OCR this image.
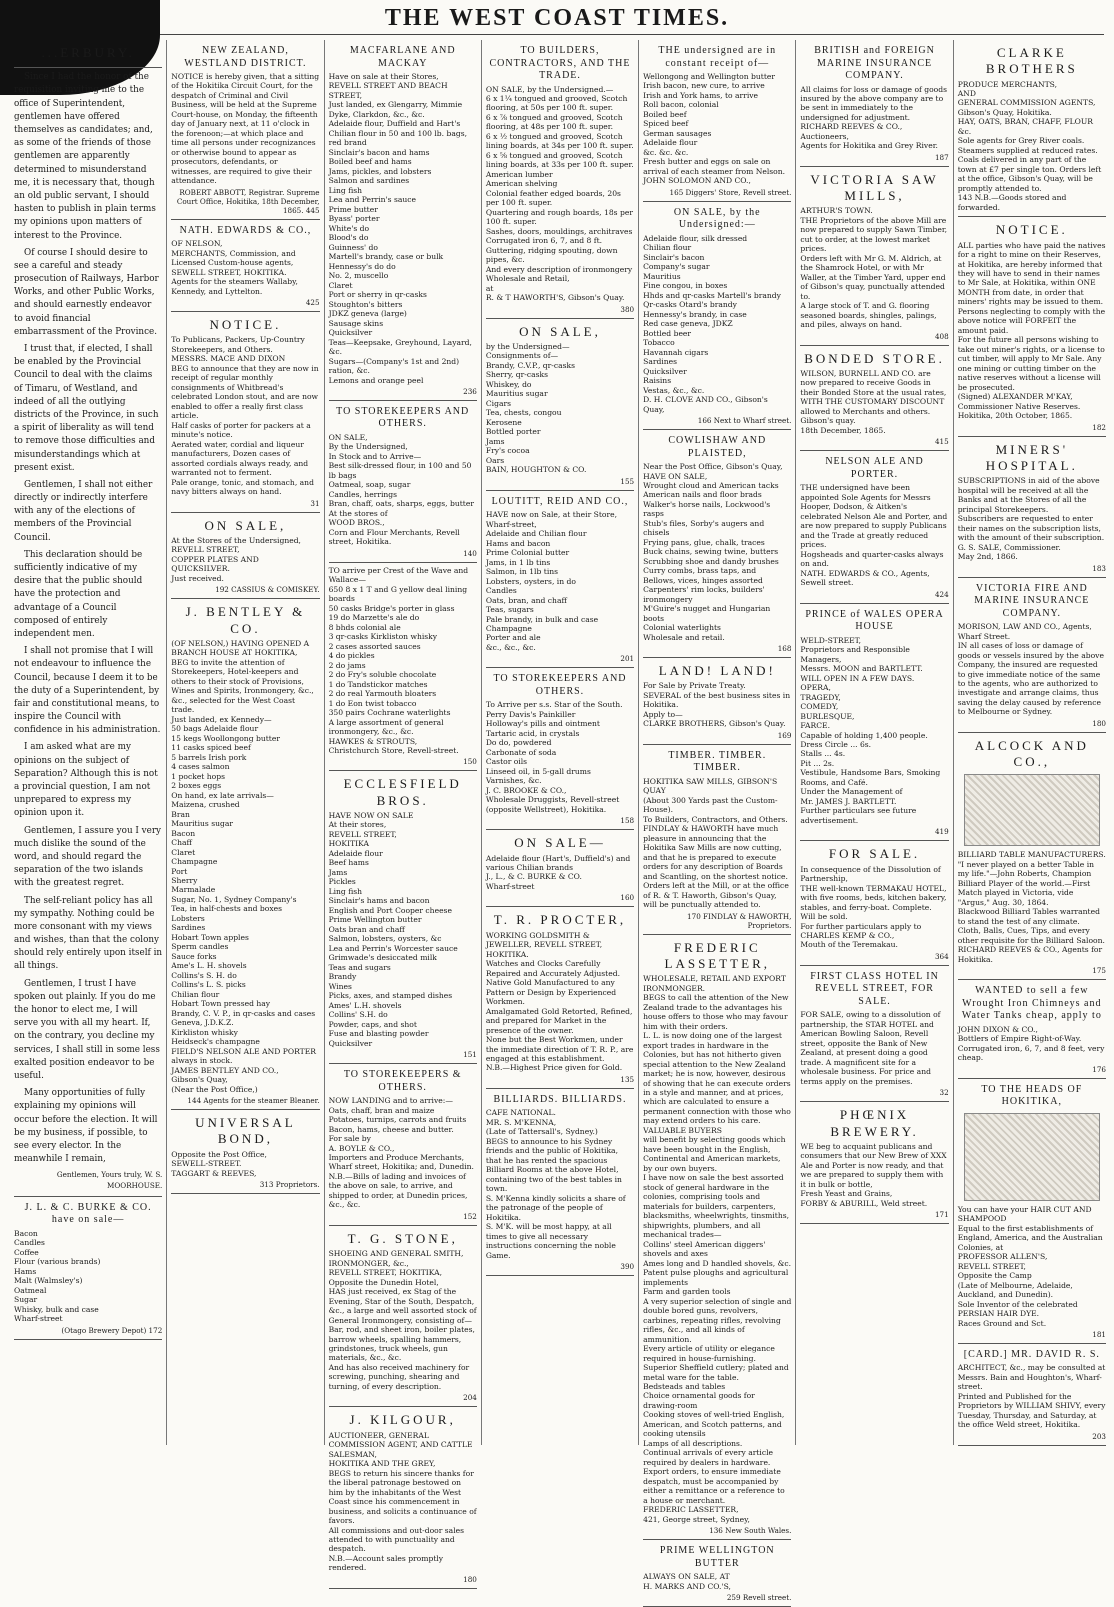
THE WEST COAST TIMES.
...ERBURY.

Since I had the honor of the requisition inviting me to the office of Superintendent, gentlemen have offered themselves as candidates; and, as some of the friends of those gentlemen are apparently determined to misunderstand me, it is necessary that, though an old public servant, I should hasten to publish in plain terms my opinions upon matters of interest to the Province.

Of course I should desire to see a careful and steady prosecution of Railways, Harbor Works, and other Public Works, and should earnestly endeavor to avoid financial embarrassment of the Province.

I trust that, if elected, I shall be enabled by the Provincial Council to deal with the claims of Timaru, of Westland, and indeed of all the outlying districts of the Province, in such a spirit of liberality as will tend to remove those difficulties and misunderstandings which at present exist.

Gentlemen, I shall not either directly or indirectly interfere with any of the elections of members of the Provincial Council.

This declaration should be sufficiently indicative of my desire that the public should have the protection and advantage of a Council composed of entirely independent men.

I shall not promise that I will not endeavour to influence the Council, because I deem it to be the duty of a Superintendent, by fair and constitutional means, to inspire the Council with confidence in his administration.

I am asked what are my opinions on the subject of Separation? Although this is not a provincial question, I am not unprepared to express my opinion upon it.

Gentlemen, I assure you I very much dislike the sound of the word, and should regard the separation of the two islands with the greatest regret.

The self-reliant policy has all my sympathy. Nothing could be more consonant with my views and wishes, than that the colony should rely entirely upon itself in all things.

Gentlemen, I trust I have spoken out plainly. If you do me the honor to elect me, I will serve you with all my heart. If, on the contrary, you decline my services, I shall still in some less exalted position endeavor to be useful.

Many opportunities of fully explaining my opinions will occur before the election. It will be my business, if possible, to see every elector. In the meanwhile I remain,

Gentlemen, Yours truly, W. S. MOORHOUSE.
J. L. & C. BURKE & CO. have on sale—
Bacon
Candles
Coffee
Flour (various brands)
Hams
Malt (Walmsley's)
Oatmeal
Sugar
Whisky, bulk and case
Wharf-street
(Otago Brewery Depot) 172
NEW ZEALAND, WESTLAND DISTRICT.
NOTICE is hereby given, that a sitting of the Hokitika Circuit Court, for the despatch of Criminal and Civil Business, will be held at the Supreme Court-house, on Monday, the fifteenth day of January next, at 11 o'clock in the forenoon;—at which place and time all persons under recognizances or otherwise bound to appear as prosecutors, defendants, or witnesses, are required to give their attendance.
ROBERT ABBOTT, Registrar. Supreme Court Office, Hokitika, 18th December, 1865. 445
NATH. EDWARDS & CO.,
OF NELSON,
MERCHANTS, Commission, and Licensed Custom-house agents,
SEWELL STREET, HOKITIKA.
Agents for the steamers Wallaby, Kennedy, and Lyttelton.
425
NOTICE.
To Publicans, Packers, Up-Country Storekeepers, and Others.
MESSRS. MACE AND DIXON
BEG to announce that they are now in receipt of regular monthly consignments of Whitbread's celebrated London stout, and are now enabled to offer a really first class article.
Half casks of porter for packers at a minute's notice.
Aerated water, cordial and liqueur manufacturers, Dozen cases of assorted cordials always ready, and warranted not to ferment.
Pale orange, tonic, and stomach, and navy bitters always on hand.
31
ON SALE,
At the Stores of the Undersigned,
REVELL STREET,
COPPER PLATES AND QUICKSILVER.
Just received.
192 CASSIUS & COMISKEY.
J. BENTLEY & CO.
(OF NELSON,) HAVING OPENED A
BRANCH HOUSE AT HOKITIKA,
BEG to invite the attention of Storekeepers, Hotel-keepers and others to their stock of Provisions, Wines and Spirits, Ironmongery, &c., &c., selected for the West Coast trade.
Just landed, ex Kennedy—
50 bags Adelaide flour
15 kegs Woollongong butter
11 casks spiced beef
5 barrels Irish pork
4 cases salmon
1 pocket hops
2 boxes eggs
On hand, ex late arrivals—
Maizena, crushed
Bran
Mauritius sugar
Bacon
Chaff
Claret
Champagne
Port
Sherry
Marmalade
Sugar, No. 1, Sydney Company's
Tea, in half-chests and boxes
Lobsters
Sardines
Hobart Town apples
Sperm candles
Sauce forks
Ame's L. H. shovels
Collins's S. H. do
Collins's L. S. picks
Chilian flour
Hobart Town pressed hay
Brandy, C. V. P., in qr-casks and cases
Geneva, J.D.K.Z.
Kirkliston whisky
Heidseck's champagne
FIELD'S NELSON ALE AND PORTER always in stock.
JAMES BENTLEY AND CO.,
Gibson's Quay,
(Near the Post Office,)
144 Agents for the steamer Bleaner.
UNIVERSAL BOND,
Opposite the Post Office,
SEWELL-STREET.
TAGGART & REEVES,
313 Proprietors.
MACFARLANE AND MACKAY
Have on sale at their Stores,
REVELL STREET AND BEACH STREET,
Just landed, ex Glengarry, Mimmie Dyke, Clarkdon, &c., &c.
Adelaide flour, Duffield and Hart's
Chilian flour in 50 and 100 lb. bags, red brand
Sinclair's bacon and hams
Boiled beef and hams
Jams, pickles, and lobsters
Salmon and sardines
Ling fish
Lea and Perrin's sauce
Prime butter
Byass' porter
White's do
Blood's do
Guinness' do
Martell's brandy, case or bulk
Hennessy's do do
No. 2, muscello
Claret
Port or sherry in qr-casks
Stoughton's bitters
JDKZ geneva (large)
Sausage skins
Quicksilver
Teas—Keepsake, Greyhound, Layard, &c.
Sugars—(Company's 1st and 2nd) ration, &c.
Lemons and orange peel
236
TO STOREKEEPERS AND OTHERS.
ON SALE,
By the Undersigned,
In Stock and to Arrive—
Best silk-dressed flour, in 100 and 50 lb bags
Oatmeal, soap, sugar
Candles, herrings
Bran, chaff, oats, sharps, eggs, butter
At the stores of
WOOD BROS.,
Corn and Flour Merchants, Revell street, Hokitika.
140
TO arrive per Crest of the Wave and Wallace—
650 8 x 1 T and G yellow deal lining boards
50 casks Bridge's porter in glass
19 do Marzette's ale do
8 bhds colonial ale
3 qr-casks Kirkliston whisky
2 cases assorted sauces
4 do pickles
2 do jams
2 do Fry's soluble chocolate
1 do Tandstickor matches
2 do real Yarmouth bloaters
1 do Eon twist tobacco
350 pairs Cochrane waterlights
A large assortment of general ironmongery, &c., &c.
HAWKES & STROUTS,
Christchurch Store, Revell-street.
150
ECCLESFIELD BROS.
HAVE NOW ON SALE
At their stores,
REVELL STREET,
HOKITIKA
Adelaide flour
Beef hams
Jams
Pickles
Ling fish
Sinclair's hams and bacon
English and Port Cooper cheese
Prime Wellington butter
Oats bran and chaff
Salmon, lobsters, oysters, &c
Lea and Perrin's Worcester sauce
Grimwade's desiccated milk
Teas and sugars
Brandy
Wines
Picks, axes, and stamped dishes
Ames' L.H. shovels
Collins' S.H. do
Powder, caps, and shot
Fuse and blasting powder
Quicksilver
151
TO STOREKEEPERS & OTHERS.
NOW LANDING and to arrive:—
Oats, chaff, bran and maize
Potatoes, turnips, carrots and fruits
Bacon, hams, cheese and butter.
For sale by
A. BOYLE & CO.,
Importers and Produce Merchants, Wharf street, Hokitika; and, Dunedin.
N.B.—Bills of lading and invoices of the above on sale, to arrive, and shipped to order, at Dunedin prices, &c., &c.
152
T. G. STONE,
SHOEING AND GENERAL SMITH, IRONMONGER, &c.,
REVELL STREET, HOKITIKA,
Opposite the Dunedin Hotel,
HAS just received, ex Stag of the Evening, Star of the South, Despatch, &c., a large and well assorted stock of General Ironmongery, consisting of—
Bar, rod, and sheet iron, boiler plates, barrow wheels, spalling hammers, grindstones, truck wheels, gun materials, &c., &c.
And has also received machinery for screwing, punching, shearing and turning, of every description.
204
J. KILGOUR,
AUCTIONEER, GENERAL COMMISSION AGENT, AND CATTLE SALESMAN,
HOKITIKA AND THE GREY,
BEGS to return his sincere thanks for the liberal patronage bestowed on him by the inhabitants of the West Coast since his commencement in business, and solicits a continuance of favors.
All commissions and out-door sales attended to with punctuality and despatch.
N.B.—Account sales promptly rendered.
180
TO BUILDERS, CONTRACTORS, AND THE TRADE.
ON SALE, by the Undersigned.—
6 x 1¼ tongued and grooved, Scotch flooring, at 50s per 100 ft. super.
6 x ⅞ tongued and grooved, Scotch flooring, at 48s per 100 ft. super.
6 x ½ tongued and grooved, Scotch lining boards, at 34s per 100 ft. super.
6 x ⅝ tongued and grooved, Scotch lining boards, at 33s per 100 ft. super.
American lumber
American shelving
Colonial feather edged boards, 20s per 100 ft. super.
Quartering and rough boards, 18s per 100 ft. super.
Sashes, doors, mouldings, architraves
Corrugated iron 6, 7, and 8 ft.
Guttering, ridging spouting, down pipes, &c.
And every description of ironmongery
Wholesale and Retail,
at
R. & T HAWORTH'S, Gibson's Quay.
380
ON SALE,
by the Undersigned—
Consignments of—
Brandy, C.V.P., qr-casks
Sherry, qr-casks
Whiskey, do
Mauritius sugar
Cigars
Tea, chests, congou
Kerosene
Bottled porter
Jams
Fry's cocoa
Oars
BAIN, HOUGHTON & CO.
155
LOUTITT, REID AND CO.,
HAVE now on Sale, at their Store, Wharf-street,
Adelaide and Chilian flour
Hams and bacon
Prime Colonial butter
Jams, in 1 lb tins
Salmon, in 1lb tins
Lobsters, oysters, in do
Candles
Oats, bran, and chaff
Teas, sugars
Pale brandy, in bulk and case
Champagne
Porter and ale
&c., &c., &c.
201
TO STOREKEEPERS AND OTHERS.
To Arrive per s.s. Star of the South.
Perry Davis's Painkiller
Holloway's pills and ointment
Tartaric acid, in crystals
Do do, powdered
Carbonate of soda
Castor oils
Linseed oil, in 5-gall drums
Varnishes, &c.
J. C. BROOKE & CO.,
Wholesale Druggists, Revell-street (opposite Wellstreet), Hokitika.
158
ON SALE—
Adelaide flour (Hart's, Duffield's) and various Chilian brands
J., L., & C. BURKE & CO.
Wharf-street
160
T. R. PROCTER,
WORKING GOLDSMITH & JEWELLER, REVELL STREET, HOKITIKA.
Watches and Clocks Carefully Repaired and Accurately Adjusted.
Native Gold Manufactured to any Pattern or Design by Experienced Workmen.
Amalgamated Gold Retorted, Refined, and prepared for Market in the presence of the owner.
None but the Best Workmen, under the immediate direction of T. R. P., are engaged at this establishment.
N.B.—Highest Price given for Gold.
135
BILLIARDS. BILLIARDS.
CAFE NATIONAL.
MR. S. M'KENNA,
(Late of Tattersall's, Sydney.)
BEGS to announce to his Sydney friends and the public of Hokitika, that he has rented the spacious Billiard Rooms at the above Hotel, containing two of the best tables in town.
S. M'Kenna kindly solicits a share of the patronage of the people of Hokitika.
S. M'K. will be most happy, at all times to give all necessary instructions concerning the noble Game.
390
THE undersigned are in constant receipt of—
Wellongong and Wellington butter
Irish bacon, new cure, to arrive
Irish and York hams, to arrive
Roll bacon, colonial
Boiled beef
Spiced beef
German sausages
Adelaide flour
&c. &c. &c.
Fresh butter and eggs on sale on arrival of each steamer from Nelson.
JOHN SOLOMON AND CO.,
165 Diggers' Store, Revell street.
ON SALE, by the Undersigned:—
Adelaide flour, silk dressed
Chilian flour
Sinclair's bacon
Company's sugar
Mauritius
Fine congou, in boxes
Hhds and qr-casks Martell's brandy
Qr-casks Otard's brandy
Hennessy's brandy, in case
Red case geneva, JDKZ
Bottled beer
Tobacco
Havannah cigars
Sardines
Quicksilver
Raisins
Vestas, &c., &c.
D. H. CLOVE AND CO., Gibson's Quay,
166 Next to Wharf street.
COWLISHAW AND PLAISTED,
Near the Post Office, Gibson's Quay,
HAVE ON SALE,
Wrought cloud and American tacks
American nails and floor brads
Walker's horse nails, Lockwood's rasps
Stub's files, Sorby's augers and chisels
Frying pans, glue, chalk, traces
Buck chains, sewing twine, butters
Scrubbing shoe and dandy brushes
Curry combs, brass taps, and
Bellows, vices, hinges assorted
Carpenters' rim locks, builders' ironmongery
M'Guire's nugget and Hungarian boots
Colonial waterlights
Wholesale and retail.
168
LAND! LAND!
For Sale by Private Treaty.
SEVERAL of the best business sites in Hokitika.
Apply to—
CLARKE BROTHERS, Gibson's Quay.
169
TIMBER. TIMBER. TIMBER.
HOKITIKA SAW MILLS, GIBSON'S QUAY
(About 300 Yards past the Custom-House).
To Builders, Contractors, and Others.
FINDLAY & HAWORTH have much pleasure in announcing that the Hokitika Saw Mills are now cutting, and that he is prepared to execute orders for any description of Boards and Scantling, on the shortest notice.
Orders left at the Mill, or at the office of R. & T. Haworth, Gibson's Quay, will be punctually attended to.
170 FINDLAY & HAWORTH, Proprietors.
FREDERIC LASSETTER,
WHOLESALE, RETAIL AND EXPORT IRONMONGER.
BEGS to call the attention of the New Zealand trade to the advantages his house offers to those who may favour him with their orders.
L. L. is now doing one of the largest export trades in hardware in the Colonies, but has not hitherto given special attention to the New Zealand market; he is now, however, desirous of showing that he can execute orders in a style and manner, and at prices, which are calculated to ensure a permanent connection with those who may extend orders to his care.
VALUABLE BUYERS
will benefit by selecting goods which have been bought in the English, Continental and American markets, by our own buyers.
I have now on sale the best assorted stock of general hardware in the colonies, comprising tools and materials for builders, carpenters, blacksmiths, wheelwrights, tinsmiths, shipwrights, plumbers, and all mechanical trades—
Collins' steel American diggers' shovels and axes
Ames long and D handled shovels, &c.
Patent pulse ploughs and agricultural implements
Farm and garden tools
A very superior selection of single and double bored guns, revolvers, carbines, repeating rifles, revolving rifles, &c., and all kinds of ammunition.
Every article of utility or elegance required in house-furnishing.
Superior Sheffield cutlery; plated and metal ware for the table.
Bedsteads and tables
Choice ornamental goods for drawing-room
Cooking stoves of well-tried English, American, and Scotch patterns, and cooking utensils
Lamps of all descriptions.
Continual arrivals of every article required by dealers in hardware.
Export orders, to ensure immediate despatch, must be accompanied by either a remittance or a reference to a house or merchant.
FREDERIC LASSETTER,
421, George street, Sydney,
136 New South Wales.
PRIME WELLINGTON BUTTER
ALWAYS ON SALE, AT
H. MARKS AND CO.'S,
259 Revell street.
BRITISH and FOREIGN MARINE INSURANCE COMPANY.
All claims for loss or damage of goods insured by the above company are to be sent in immediately to the undersigned for adjustment.
RICHARD REEVES & CO., Auctioneers,
Agents for Hokitika and Grey River.
187
VICTORIA SAW MILLS,
ARTHUR'S TOWN.
THE Proprietors of the above Mill are now prepared to supply Sawn Timber, cut to order, at the lowest market prices.
Orders left with Mr G. M. Aldrich, at the Shamrock Hotel, or with Mr Waller, at the Timber Yard, upper end of Gibson's quay, punctually attended to.
A large stock of T. and G. flooring seasoned boards, shingles, palings, and piles, always on hand.
408
BONDED STORE.
WILSON, BURNELL AND CO. are now prepared to receive Goods in their Bonded Store at the usual rates,
WITH THE CUSTOMARY DISCOUNT allowed to Merchants and others.
Gibson's quay.
18th December, 1865.
415
NELSON ALE AND PORTER.
THE undersigned have been appointed Sole Agents for Messrs Hooper, Dodson, & Aitken's celebrated Nelson Ale and Porter, and are now prepared to supply Publicans and the Trade at greatly reduced prices.
Hogsheads and quarter-casks always on and.
NATH. EDWARDS & CO., Agents, Sewell street.
424
PRINCE of WALES OPERA HOUSE
WELD-STREET,
Proprietors and Responsible Managers,
Messrs. MOON and BARTLETT.
WILL OPEN IN A FEW DAYS.
OPERA,
TRAGEDY,
COMEDY,
BURLESQUE,
FARCE.
Capable of holding 1,400 people.
Dress Circle ... 6s.
Stalls ... 4s.
Pit ... 2s.
Vestibule, Handsome Bars, Smoking Rooms, and Café.
Under the Management of
Mr. JAMES J. BARTLETT.
Further particulars see future advertisement.
419
FOR SALE.
In consequence of the Dissolution of Partnership,
THE well-known TERMAKAU HOTEL, with five rooms, beds, kitchen bakery, stables, and ferry-boat. Complete. Will be sold.
For further particulars apply to
CHARLES KEMP & CO.,
Mouth of the Teremakau.
364
FIRST CLASS HOTEL IN REVELL STREET, FOR SALE.
FOR SALE, owing to a dissolution of partnership, the STAR HOTEL and American Bowling Saloon, Revell street, opposite the Bank of New Zealand, at present doing a good trade. A magnificent site for a wholesale business. For price and terms apply on the premises.
32
PHŒNIX BREWERY.
WE beg to acquaint publicans and consumers that our New Brew of XXX Ale and Porter is now ready, and that we are prepared to supply them with it in bulk or bottle,
Fresh Yeast and Grains,
FORBY & ABURILL, Weld street.
171
CLARKE BROTHERS
PRODUCE MERCHANTS,
AND
GENERAL COMMISSION AGENTS,
Gibson's Quay, Hokitika.
HAY, OATS, BRAN, CHAFF, FLOUR &c.
Sole agents for Grey River coals.
Steamers supplied at reduced rates. Coals delivered in any part of the town at £7 per single ton. Orders left at the office, Gibson's Quay, will be promptly attended to.
143 N.B.—Goods stored and forwarded.
NOTICE.
ALL parties who have paid the natives for a right to mine on their Reserves, at Hokitika, are hereby informed that they will have to send in their names to Mr Sale, at Hokitika, within ONE MONTH from date, in order that miners' rights may be issued to them.
Persons neglecting to comply with the above notice will FORFEIT the amount paid.
For the future all persons wishing to take out miner's rights, or a license to cut timber, will apply to Mr Sale. Any one mining or cutting timber on the native reserves without a license will be prosecuted.
(Signed) ALEXANDER M'KAY, Commissioner Native Reserves.
Hokitika, 20th October, 1865.
182
MINERS' HOSPITAL.
SUBSCRIPTIONS in aid of the above hospital will be received at all the Banks and at the Stores of all the principal Storekeepers.
Subscribers are requested to enter their names on the subscription lists, with the amount of their subscription.
G. S. SALE, Commissioner.
May 2nd, 1866.
183
VICTORIA FIRE AND MARINE INSURANCE COMPANY.
MORISON, LAW AND CO., Agents, Wharf Street.
IN all cases of loss or damage of goods or vessels insured by the above Company, the insured are requested to give immediate notice of the same to the agents, who are authorized to investigate and arrange claims, thus saving the delay caused by reference to Melbourne or Sydney.
180
ALCOCK AND CO.,
BILLIARD TABLE MANUFACTURERS.
"I never played on a better Table in my life."—John Roberts, Champion Billiard Player of the world.—First Match played in Victoria, vide "Argus," Aug. 30, 1864.
Blackwood Billiard Tables warranted to stand the test of any climate.
Cloth, Balls, Cues, Tips, and every other requisite for the Billiard Saloon.
RICHARD REEVES & CO., Agents for Hokitika.
175
WANTED to sell a few Wrought Iron Chimneys and Water Tanks cheap, apply to
JOHN DIXON & CO.,
Bottlers of Empire Right-of-Way.
Corrugated iron, 6, 7, and 8 feet, very cheap.
176
TO THE HEADS OF HOKITIKA,
You can have your HAIR CUT AND SHAMPOOD
Equal to the first establishments of England, America, and the Australian Colonies, at
PROFESSOR ALLEN'S,
REVELL STREET,
Opposite the Camp
(Late of Melbourne, Adelaide, Auckland, and Dunedin).
Sole Inventor of the celebrated PERSIAN HAIR DYE.
Races Ground and Sct.
181
[CARD.] MR. DAVID R. S.
ARCHITECT, &c., may be consulted at Messrs. Bain and Houghton's, Wharf-street.
Printed and Published for the Proprietors by WILLIAM SHIVY, every Tuesday, Thursday, and Saturday, at the office Weld street, Hokitika.
203
